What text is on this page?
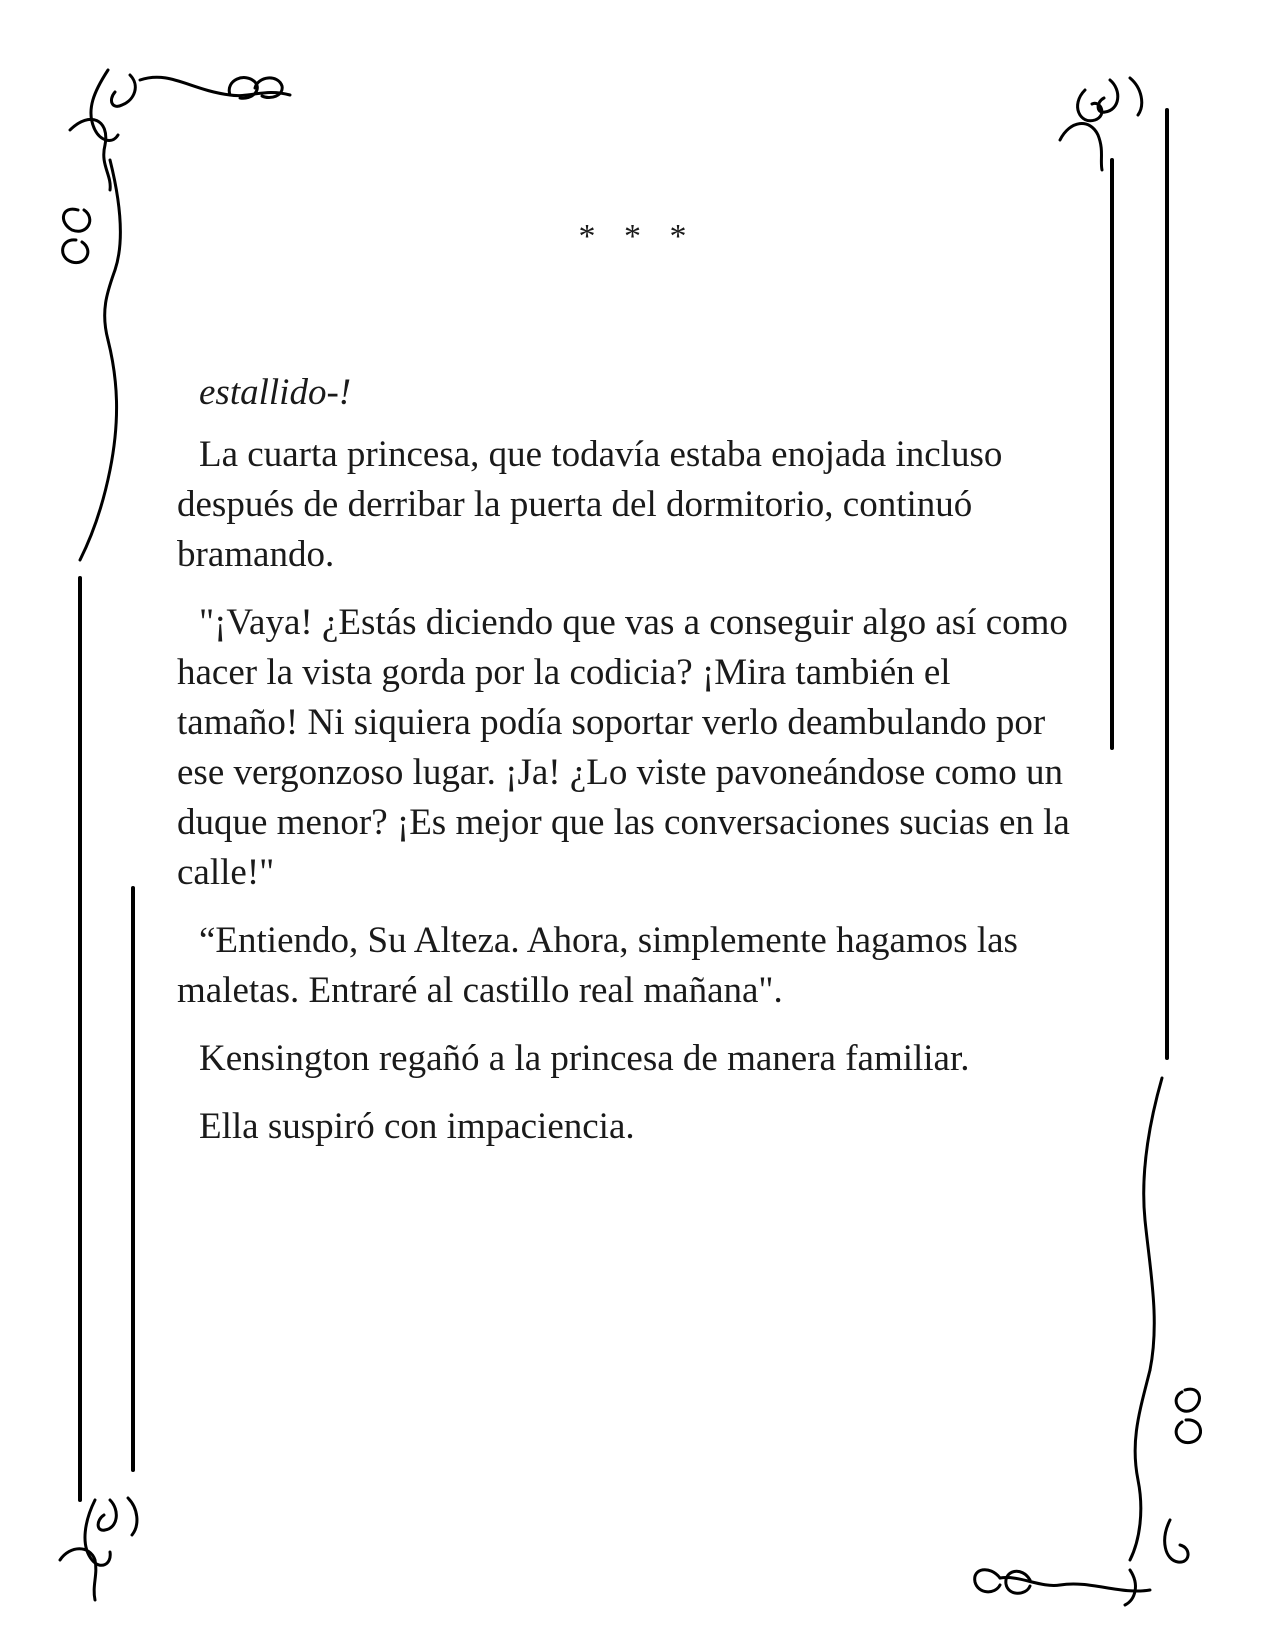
* * *

estallido-!

La cuarta princesa, que todavía estaba enojada incluso después de derribar la puerta del dormitorio, continuó bramando.

"¡Vaya! ¿Estás diciendo que vas a conseguir algo así como hacer la vista gorda por la codicia? ¡Mira también el tamaño! Ni siquiera podía soportar verlo deambulando por ese vergonzoso lugar. ¡Ja! ¿Lo viste pavoneándose como un duque menor? ¡Es mejor que las conversaciones sucias en la calle!"

“Entiendo, Su Alteza. Ahora, simplemente hagamos las maletas. Entraré al castillo real mañana".

Kensington regañó a la princesa de manera familiar.

Ella suspiró con impaciencia.
